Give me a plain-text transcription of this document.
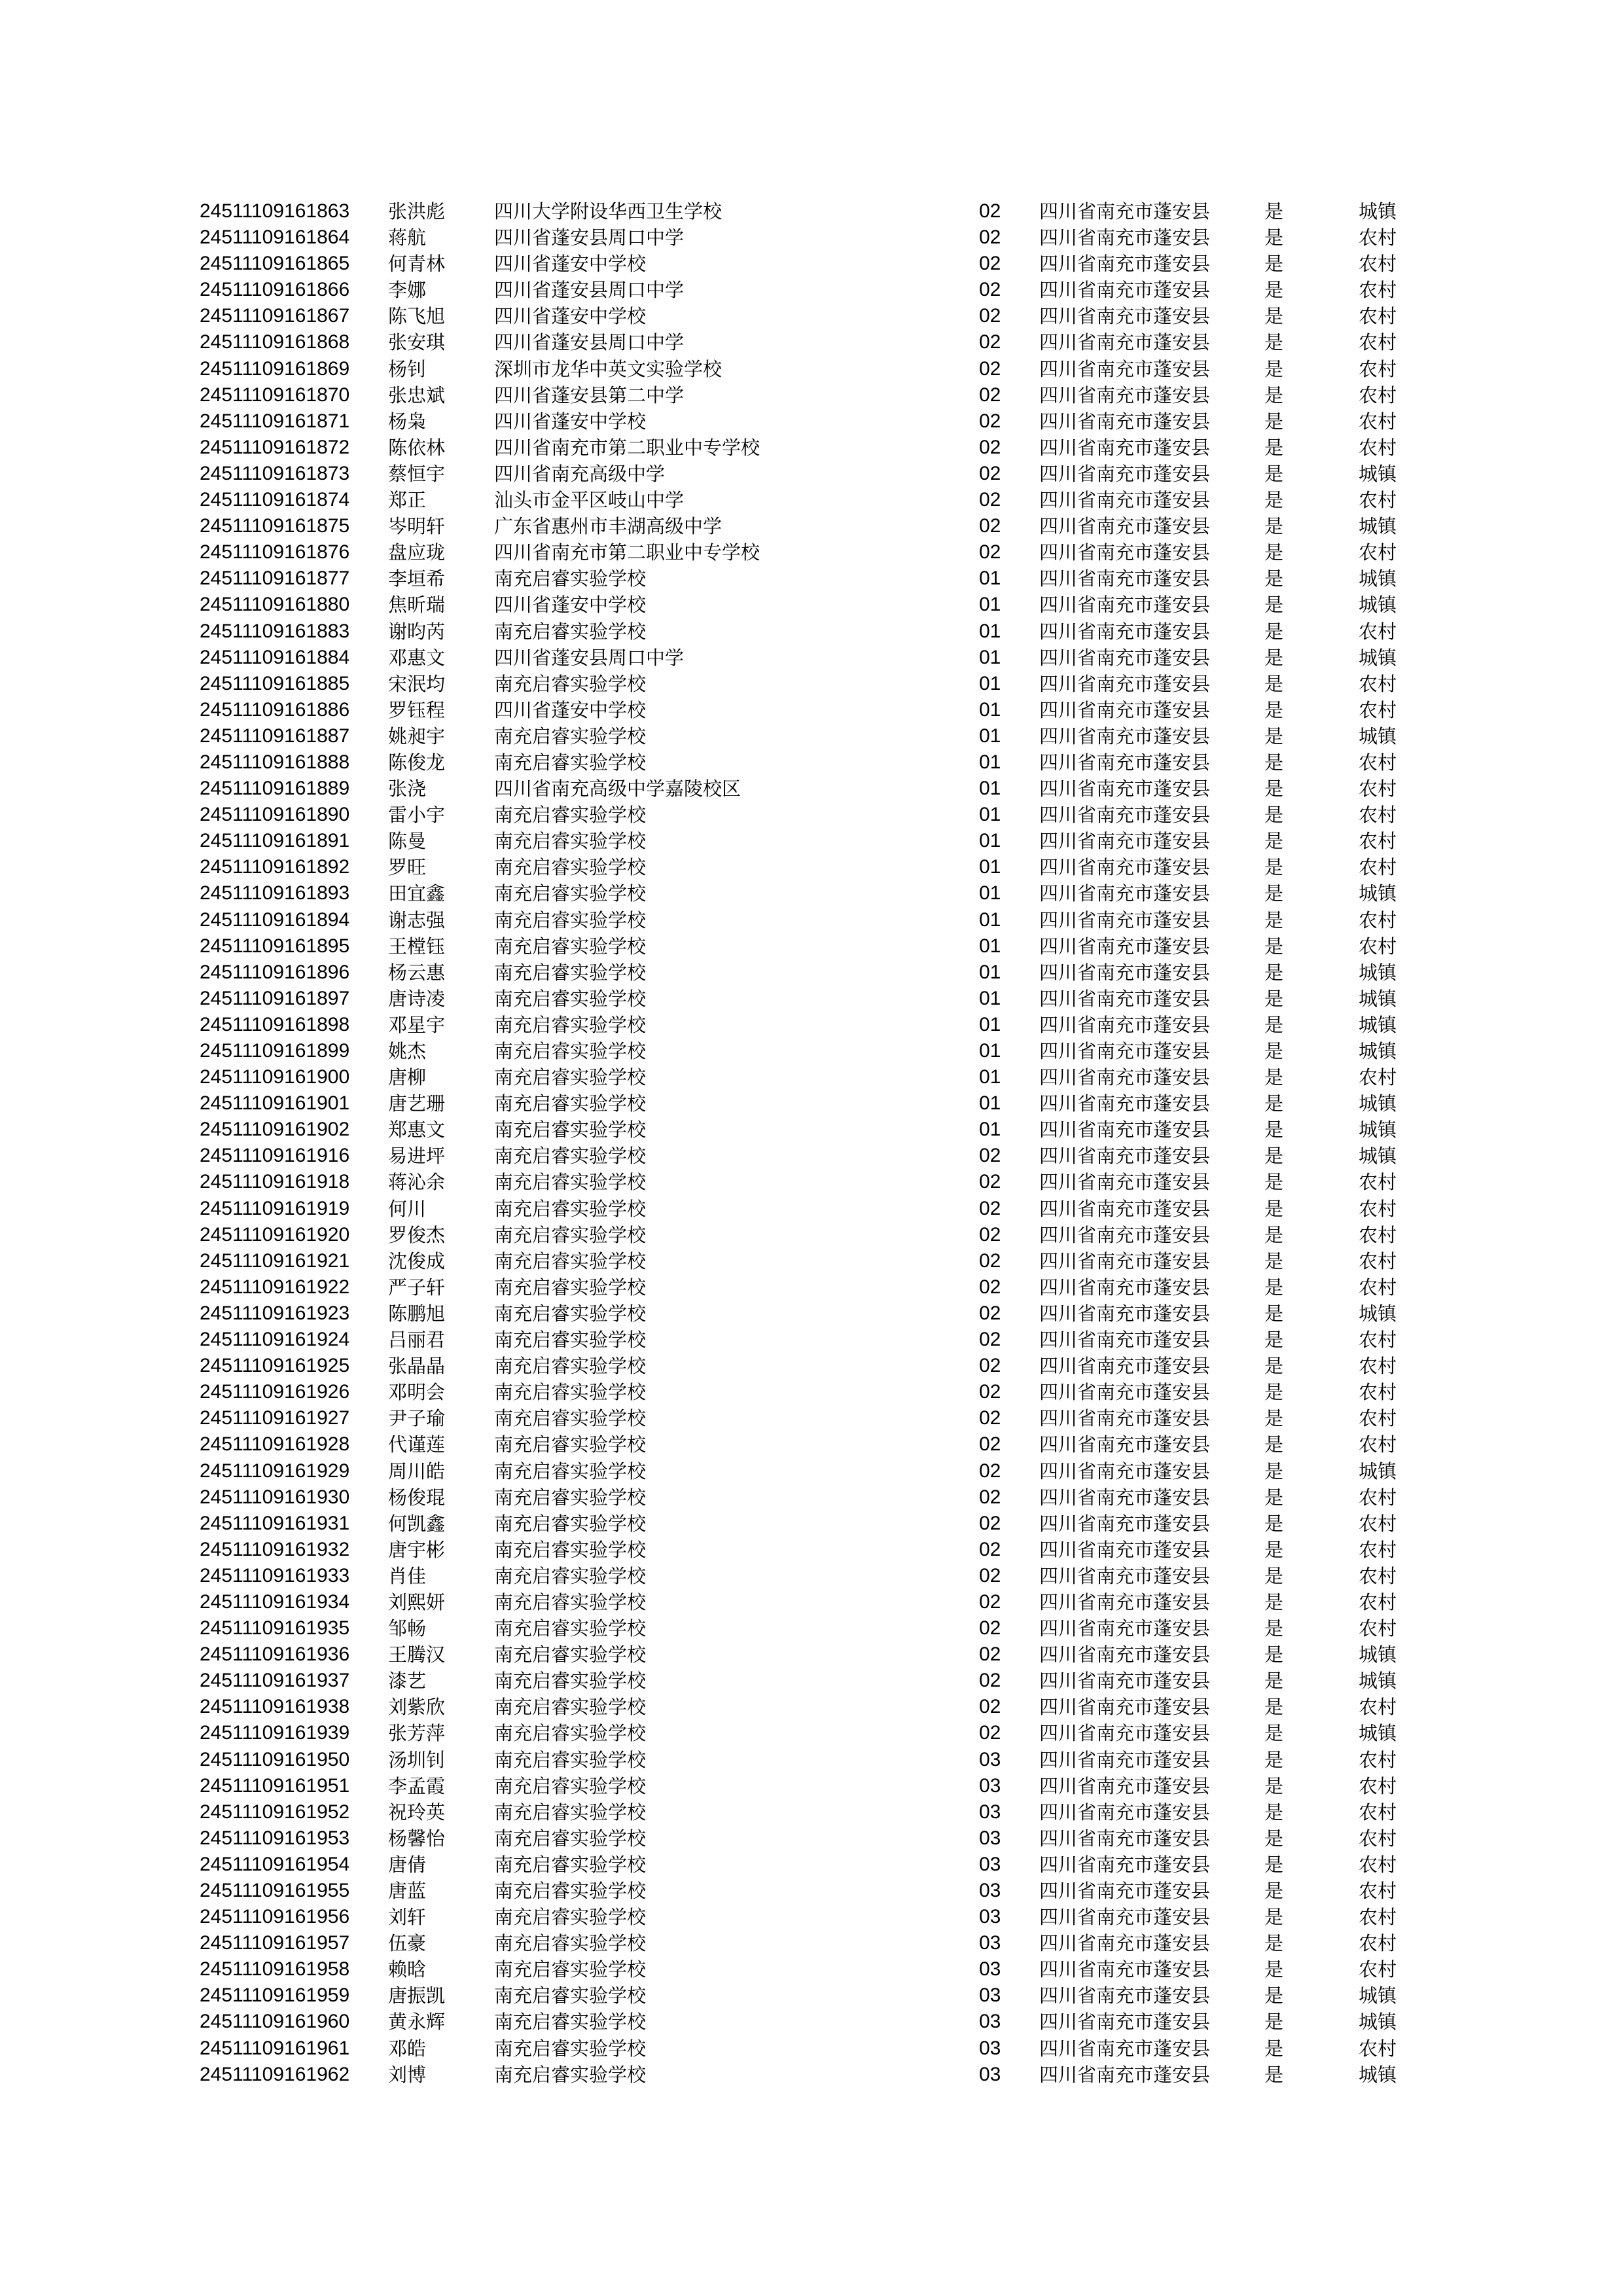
24511109161863 张洪彪	四川大学附设华西卫生学校	02 四川省南充市蓬安县	是	城镇
24511109161864 蒋航	四川省蓬安县周口中学	02 四川省南充市蓬安县	是	农村
24511109161865 何青林	四川省蓬安中学校	02 四川省南充市蓬安县	是	农村
24511109161866 李娜	四川省蓬安县周口中学	02 四川省南充市蓬安县	是	农村
24511109161867 陈飞旭	四川省蓬安中学校	02 四川省南充市蓬安县	是	农村
24511109161868 张安琪	四川省蓬安县周口中学	02 四川省南充市蓬安县	是	农村
24511109161869 杨钊	深圳市龙华中英文实验学校	02 四川省南充市蓬安县	是	农村
24511109161870 张忠斌	四川省蓬安县第二中学	02 四川省南充市蓬安县	是	农村
24511109161871 杨枭	四川省蓬安中学校	02 四川省南充市蓬安县	是	农村
24511109161872 陈依林	四川省南充市第二职业中专学校	02 四川省南充市蓬安县	是	农村
24511109161873 蔡恒宇	四川省南充高级中学	02 四川省南充市蓬安县	是	城镇
24511109161874 郑正	汕头市金平区岐山中学	02 四川省南充市蓬安县	是	农村
24511109161875 岑明轩	广东省惠州市丰湖高级中学	02 四川省南充市蓬安县	是	城镇
24511109161876 盘应珑	四川省南充市第二职业中专学校	02 四川省南充市蓬安县	是	农村
24511109161877 李垣希	南充启睿实验学校	01 四川省南充市蓬安县	是	城镇
24511109161880 焦昕瑞	四川省蓬安中学校	01 四川省南充市蓬安县	是	城镇
24511109161883 谢昀芮	南充启睿实验学校	01 四川省南充市蓬安县	是	农村
24511109161884 邓惠文	四川省蓬安县周口中学	01 四川省南充市蓬安县	是	城镇
24511109161885 宋泯均	南充启睿实验学校	01 四川省南充市蓬安县	是	农村
24511109161886 罗钰程	四川省蓬安中学校	01 四川省南充市蓬安县	是	农村
24511109161887 姚昶宇	南充启睿实验学校	01 四川省南充市蓬安县	是	城镇
24511109161888 陈俊龙	南充启睿实验学校	01 四川省南充市蓬安县	是	农村
24511109161889 张浇	四川省南充高级中学嘉陵校区	01 四川省南充市蓬安县	是	农村
24511109161890 雷小宇	南充启睿实验学校	01 四川省南充市蓬安县	是	农村
24511109161891 陈曼	南充启睿实验学校	01 四川省南充市蓬安县	是	农村
24511109161892 罗旺	南充启睿实验学校	01 四川省南充市蓬安县	是	农村
24511109161893 田宜鑫	南充启睿实验学校	01 四川省南充市蓬安县	是	城镇
24511109161894 谢志强	南充启睿实验学校	01 四川省南充市蓬安县	是	农村
24511109161895 王樘钰	南充启睿实验学校	01 四川省南充市蓬安县	是	农村
24511109161896 杨云惠	南充启睿实验学校	01 四川省南充市蓬安县	是	城镇
24511109161897 唐诗凌	南充启睿实验学校	01 四川省南充市蓬安县	是	城镇
24511109161898 邓星宇	南充启睿实验学校	01 四川省南充市蓬安县	是	城镇
24511109161899 姚杰	南充启睿实验学校	01 四川省南充市蓬安县	是	城镇
24511109161900 唐柳	南充启睿实验学校	01 四川省南充市蓬安县	是	农村
24511109161901 唐艺珊	南充启睿实验学校	01 四川省南充市蓬安县	是	城镇
24511109161902 郑惠文	南充启睿实验学校	01 四川省南充市蓬安县	是	城镇
24511109161916 易进坪	南充启睿实验学校	02 四川省南充市蓬安县	是	城镇
24511109161918 蒋沁余	南充启睿实验学校	02 四川省南充市蓬安县	是	农村
24511109161919 何川	南充启睿实验学校	02 四川省南充市蓬安县	是	农村
24511109161920 罗俊杰	南充启睿实验学校	02 四川省南充市蓬安县	是	农村
24511109161921 沈俊成	南充启睿实验学校	02 四川省南充市蓬安县	是	农村
24511109161922 严子轩	南充启睿实验学校	02 四川省南充市蓬安县	是	农村
24511109161923 陈鹏旭	南充启睿实验学校	02 四川省南充市蓬安县	是	城镇
24511109161924 吕丽君	南充启睿实验学校	02 四川省南充市蓬安县	是	农村
24511109161925 张晶晶	南充启睿实验学校	02 四川省南充市蓬安县	是	农村
24511109161926 邓明会	南充启睿实验学校	02 四川省南充市蓬安县	是	农村
24511109161927 尹子瑜	南充启睿实验学校	02 四川省南充市蓬安县	是	农村
24511109161928 代谨莲	南充启睿实验学校	02 四川省南充市蓬安县	是	农村
24511109161929 周川皓	南充启睿实验学校	02 四川省南充市蓬安县	是	城镇
24511109161930 杨俊琨	南充启睿实验学校	02 四川省南充市蓬安县	是	农村
24511109161931 何凯鑫	南充启睿实验学校	02 四川省南充市蓬安县	是	农村
24511109161932 唐宇彬	南充启睿实验学校	02 四川省南充市蓬安县	是	农村
24511109161933 肖佳	南充启睿实验学校	02 四川省南充市蓬安县	是	农村
24511109161934 刘熙妍	南充启睿实验学校	02 四川省南充市蓬安县	是	农村
24511109161935 邹畅	南充启睿实验学校	02 四川省南充市蓬安县	是	农村
24511109161936 王腾汉	南充启睿实验学校	02 四川省南充市蓬安县	是	城镇
24511109161937 漆艺	南充启睿实验学校	02 四川省南充市蓬安县	是	城镇
24511109161938 刘紫欣	南充启睿实验学校	02 四川省南充市蓬安县	是	农村
24511109161939 张芳萍	南充启睿实验学校	02 四川省南充市蓬安县	是	城镇
24511109161950 汤圳钊	南充启睿实验学校	03 四川省南充市蓬安县	是	农村
24511109161951 李孟霞	南充启睿实验学校	03 四川省南充市蓬安县	是	农村
24511109161952 祝玲英	南充启睿实验学校	03 四川省南充市蓬安县	是	农村
24511109161953 杨馨怡	南充启睿实验学校	03 四川省南充市蓬安县	是	农村
24511109161954 唐倩	南充启睿实验学校	03 四川省南充市蓬安县	是	农村
24511109161955 唐蓝	南充启睿实验学校	03 四川省南充市蓬安县	是	农村
24511109161956 刘轩	南充启睿实验学校	03 四川省南充市蓬安县	是	农村
24511109161957 伍豪	南充启睿实验学校	03 四川省南充市蓬安县	是	农村
24511109161958 赖晗	南充启睿实验学校	03 四川省南充市蓬安县	是	农村
24511109161959 唐振凯	南充启睿实验学校	03 四川省南充市蓬安县	是	城镇
24511109161960 黄永辉	南充启睿实验学校	03 四川省南充市蓬安县	是	城镇
24511109161961 邓皓	南充启睿实验学校	03 四川省南充市蓬安县	是	农村
24511109161962 刘博	南充启睿实验学校	03 四川省南充市蓬安县	是	城镇
